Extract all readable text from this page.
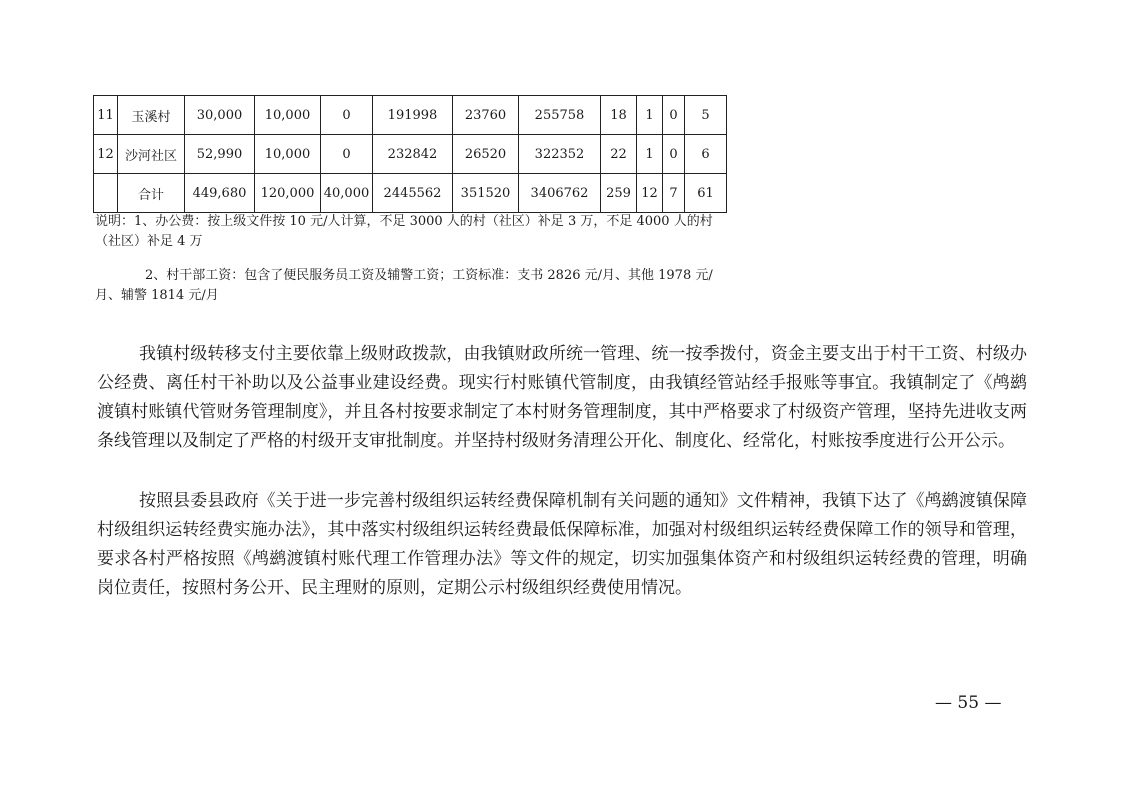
11	玉溪村	30,000	10,000	0	191998	23760	255758	18	1	0	5
12	沙河社区	52,990	10,000	0	232842	26520	322352	22	1	0	6
	合计	449,680	120,000	40,000	2445562	351520	3406762	259	12	7	61

说明：1、办公费：按上级文件按 10 元/人计算，不足 3000 人的村（社区）补足 3 万，不足 4000 人的村（社区）补足 4 万

2、村干部工资：包含了便民服务员工资及辅警工资；工资标准：支书 2826 元/月、其他 1978 元/月、辅警 1814 元/月

我镇村级转移支付主要依靠上级财政拨款，由我镇财政所统一管理、统一按季拨付，资金主要支出于村干工资、村级办公经费、离任村干补助以及公益事业建设经费。现实行村账镇代管制度，由我镇经管站经手报账等事宜。我镇制定了《鸬鹚渡镇村账镇代管财务管理制度》，并且各村按要求制定了本村财务管理制度，其中严格要求了村级资产管理，坚持先进收支两条线管理以及制定了严格的村级开支审批制度。并坚持村级财务清理公开化、制度化、经常化，村账按季度进行公开公示。

按照县委县政府《关于进一步完善村级组织运转经费保障机制有关问题的通知》文件精神，我镇下达了《鸬鹚渡镇保障村级组织运转经费实施办法》，其中落实村级组织运转经费最低保障标准，加强对村级组织运转经费保障工作的领导和管理，要求各村严格按照《鸬鹚渡镇村账代理工作管理办法》等文件的规定，切实加强集体资产和村级组织运转经费的管理，明确岗位责任，按照村务公开、民主理财的原则，定期公示村级组织经费使用情况。

— 55 —
